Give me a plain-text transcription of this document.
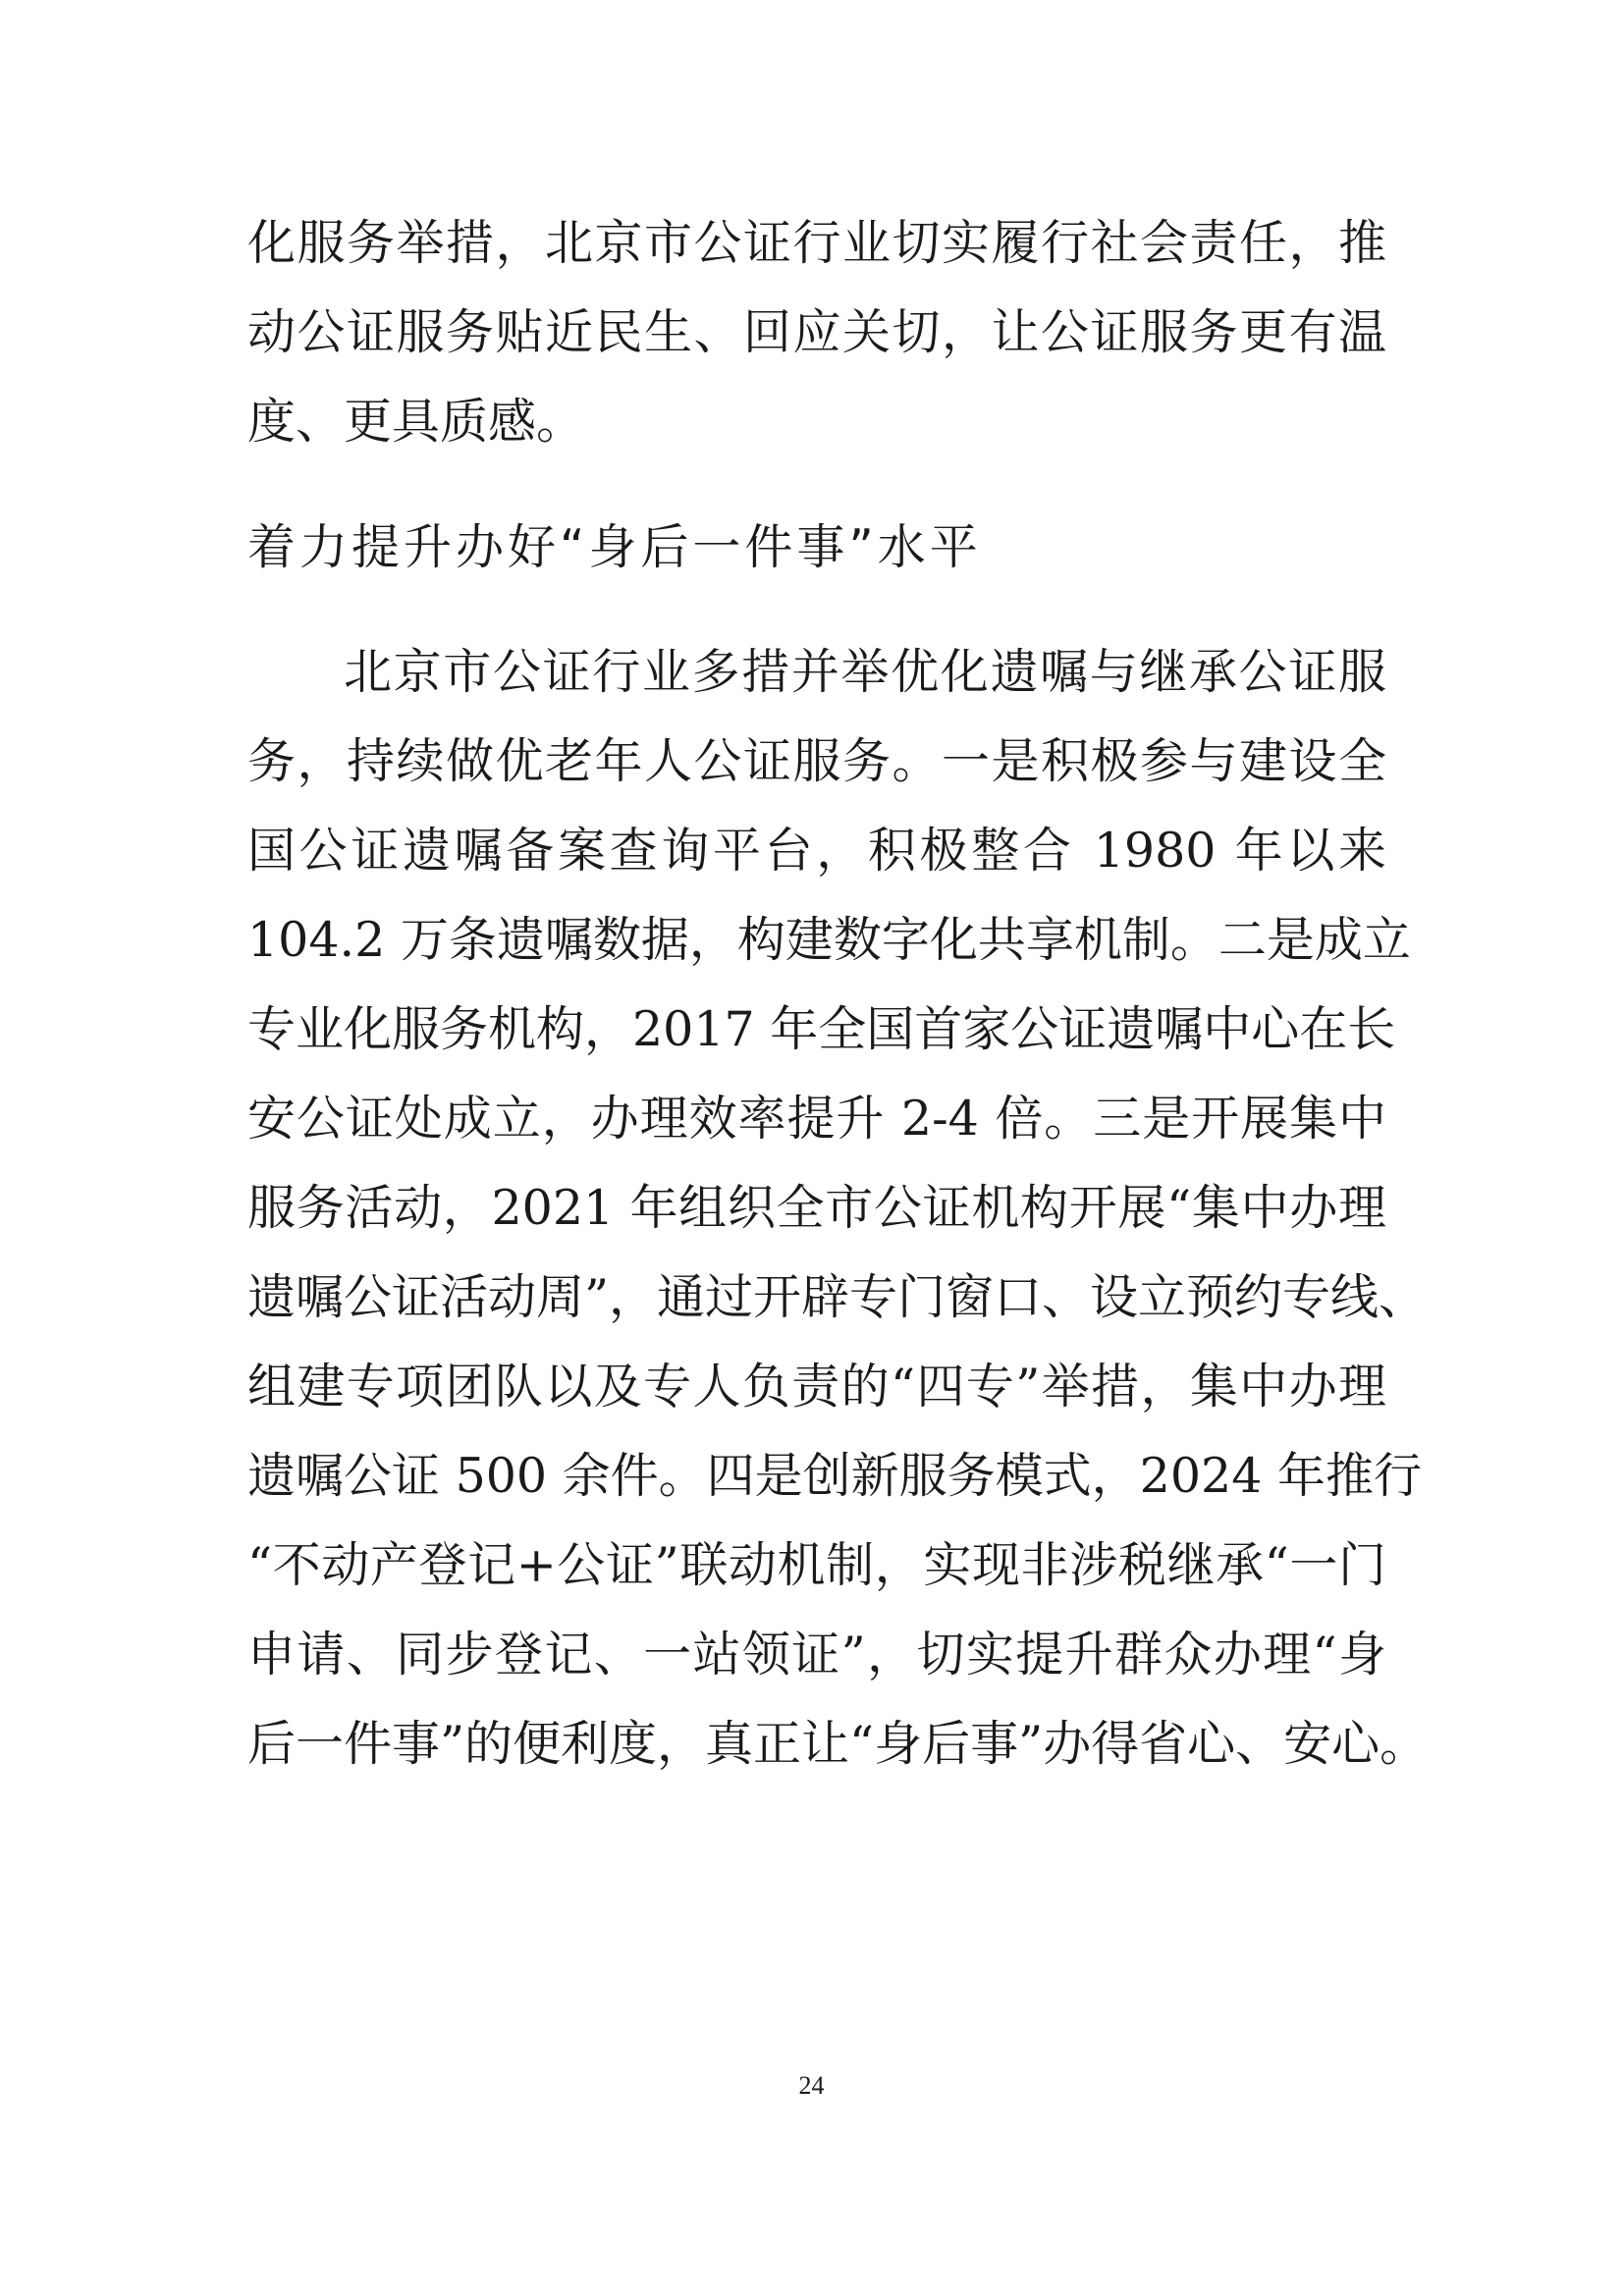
化服务举措，北京市公证行业切实履行社会责任，推
动公证服务贴近民生、回应关切，让公证服务更有温
度、更具质感。
着力提升办好“身后一件事”水平
北京市公证行业多措并举优化遗嘱与继承公证服
务，持续做优老年人公证服务。一是积极参与建设全
国公证遗嘱备案查询平台，积极整合 1980 年以来
104.2 万条遗嘱数据，构建数字化共享机制。二是成立
专业化服务机构，2017 年全国首家公证遗嘱中心在长
安公证处成立，办理效率提升 2-4 倍。三是开展集中
服务活动，2021 年组织全市公证机构开展“集中办理
遗嘱公证活动周”，通过开辟专门窗口、设立预约专线、
组建专项团队以及专人负责的“四专”举措，集中办理
遗嘱公证 500 余件。四是创新服务模式，2024 年推行
“不动产登记+公证”联动机制，实现非涉税继承“一门
申请、同步登记、一站领证”，切实提升群众办理“身
后一件事”的便利度，真正让“身后事”办得省心、安心。
24
